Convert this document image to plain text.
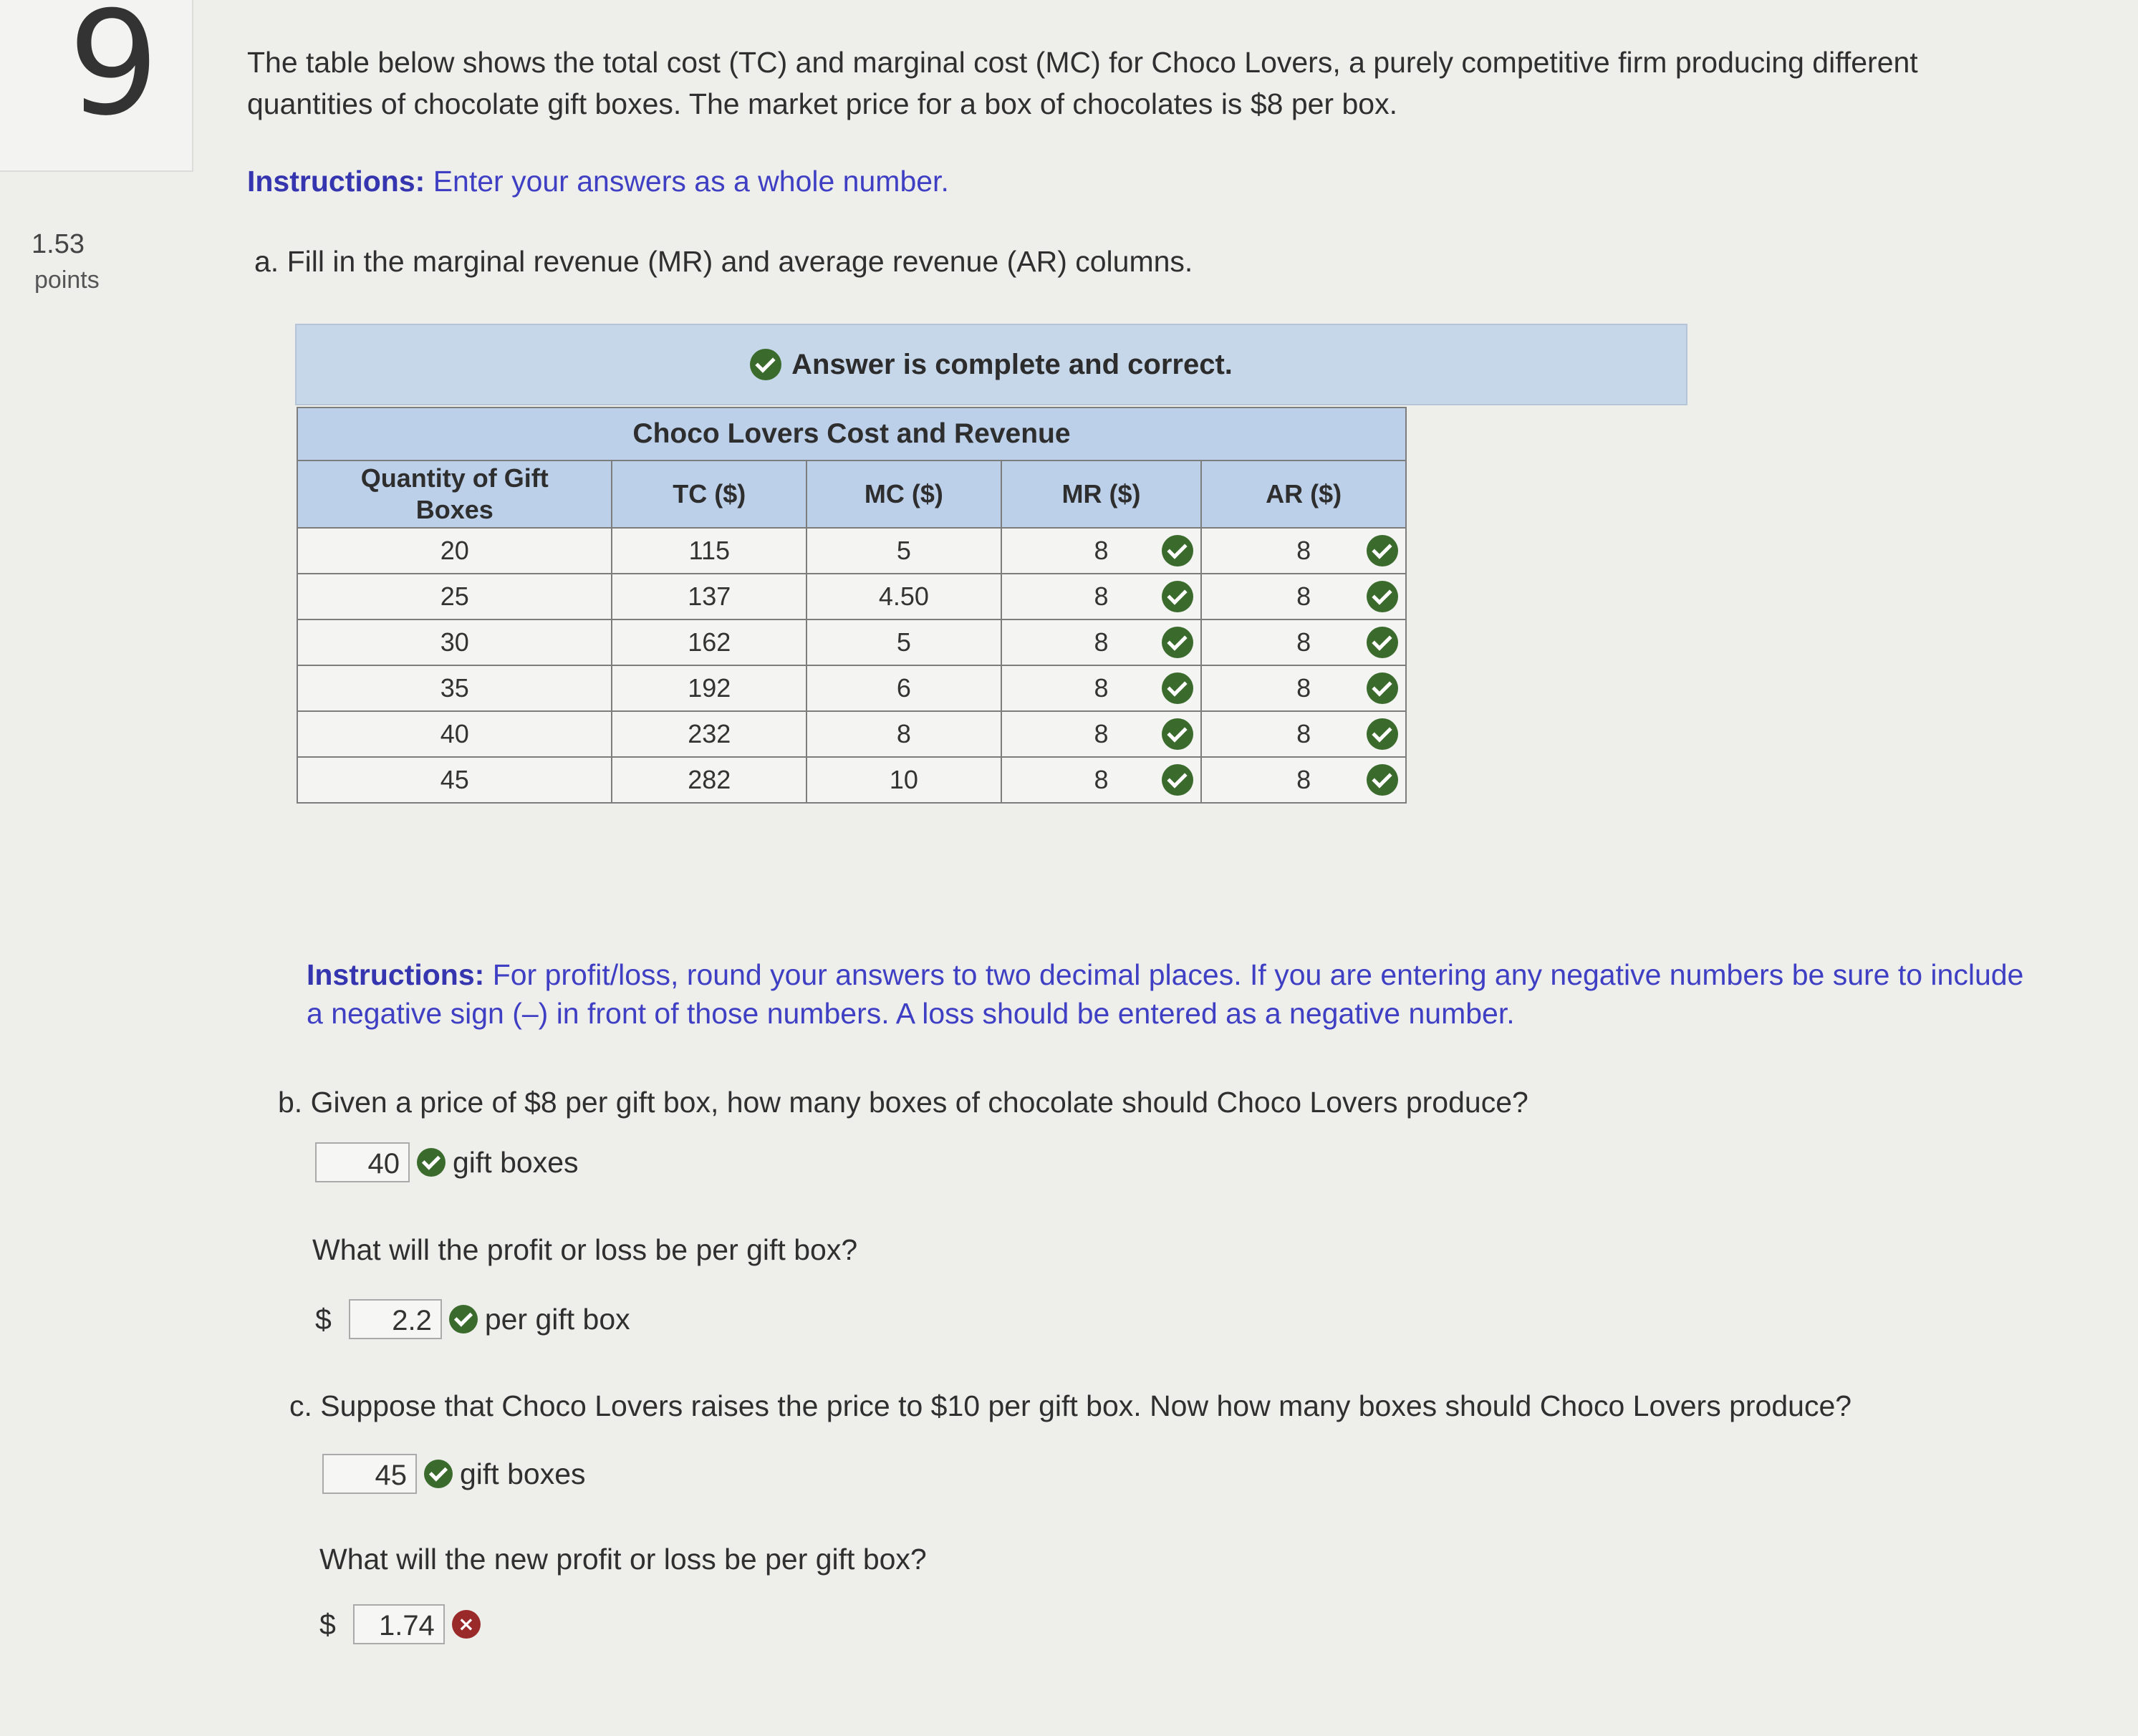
9
1.53
points
The table below shows the total cost (TC) and marginal cost (MC) for Choco Lovers, a purely competitive firm producing different
quantities of chocolate gift boxes. The market price for a box of chocolates is $8 per box.
Instructions: Enter your answers as a whole number.
a. Fill in the marginal revenue (MR) and average revenue (AR) columns.
Answer is complete and correct.
Choco Lovers Cost and Revenue				
Quantity of Gift
Boxes	TC ($)	MC ($)	MR ($)	AR ($)

20	115	5	8	8

25	137	4.50	8	8

30	162	5	8	8

35	192	6	8	8

40	232	8	8	8

45	282	10	8	8
Instructions: For profit/loss, round your answers to two decimal places. If you are entering any negative numbers be sure to include
a negative sign (–) in front of those numbers. A loss should be entered as a negative number.
b. Given a price of $8 per gift box, how many boxes of chocolate should Choco Lovers produce?
40	gift boxes
What will the profit or loss be per gift box?
$	2.2	per gift box
c. Suppose that Choco Lovers raises the price to $10 per gift box. Now how many boxes should Choco Lovers produce?
45	gift boxes
What will the new profit or loss be per gift box?
$	1.74	×
